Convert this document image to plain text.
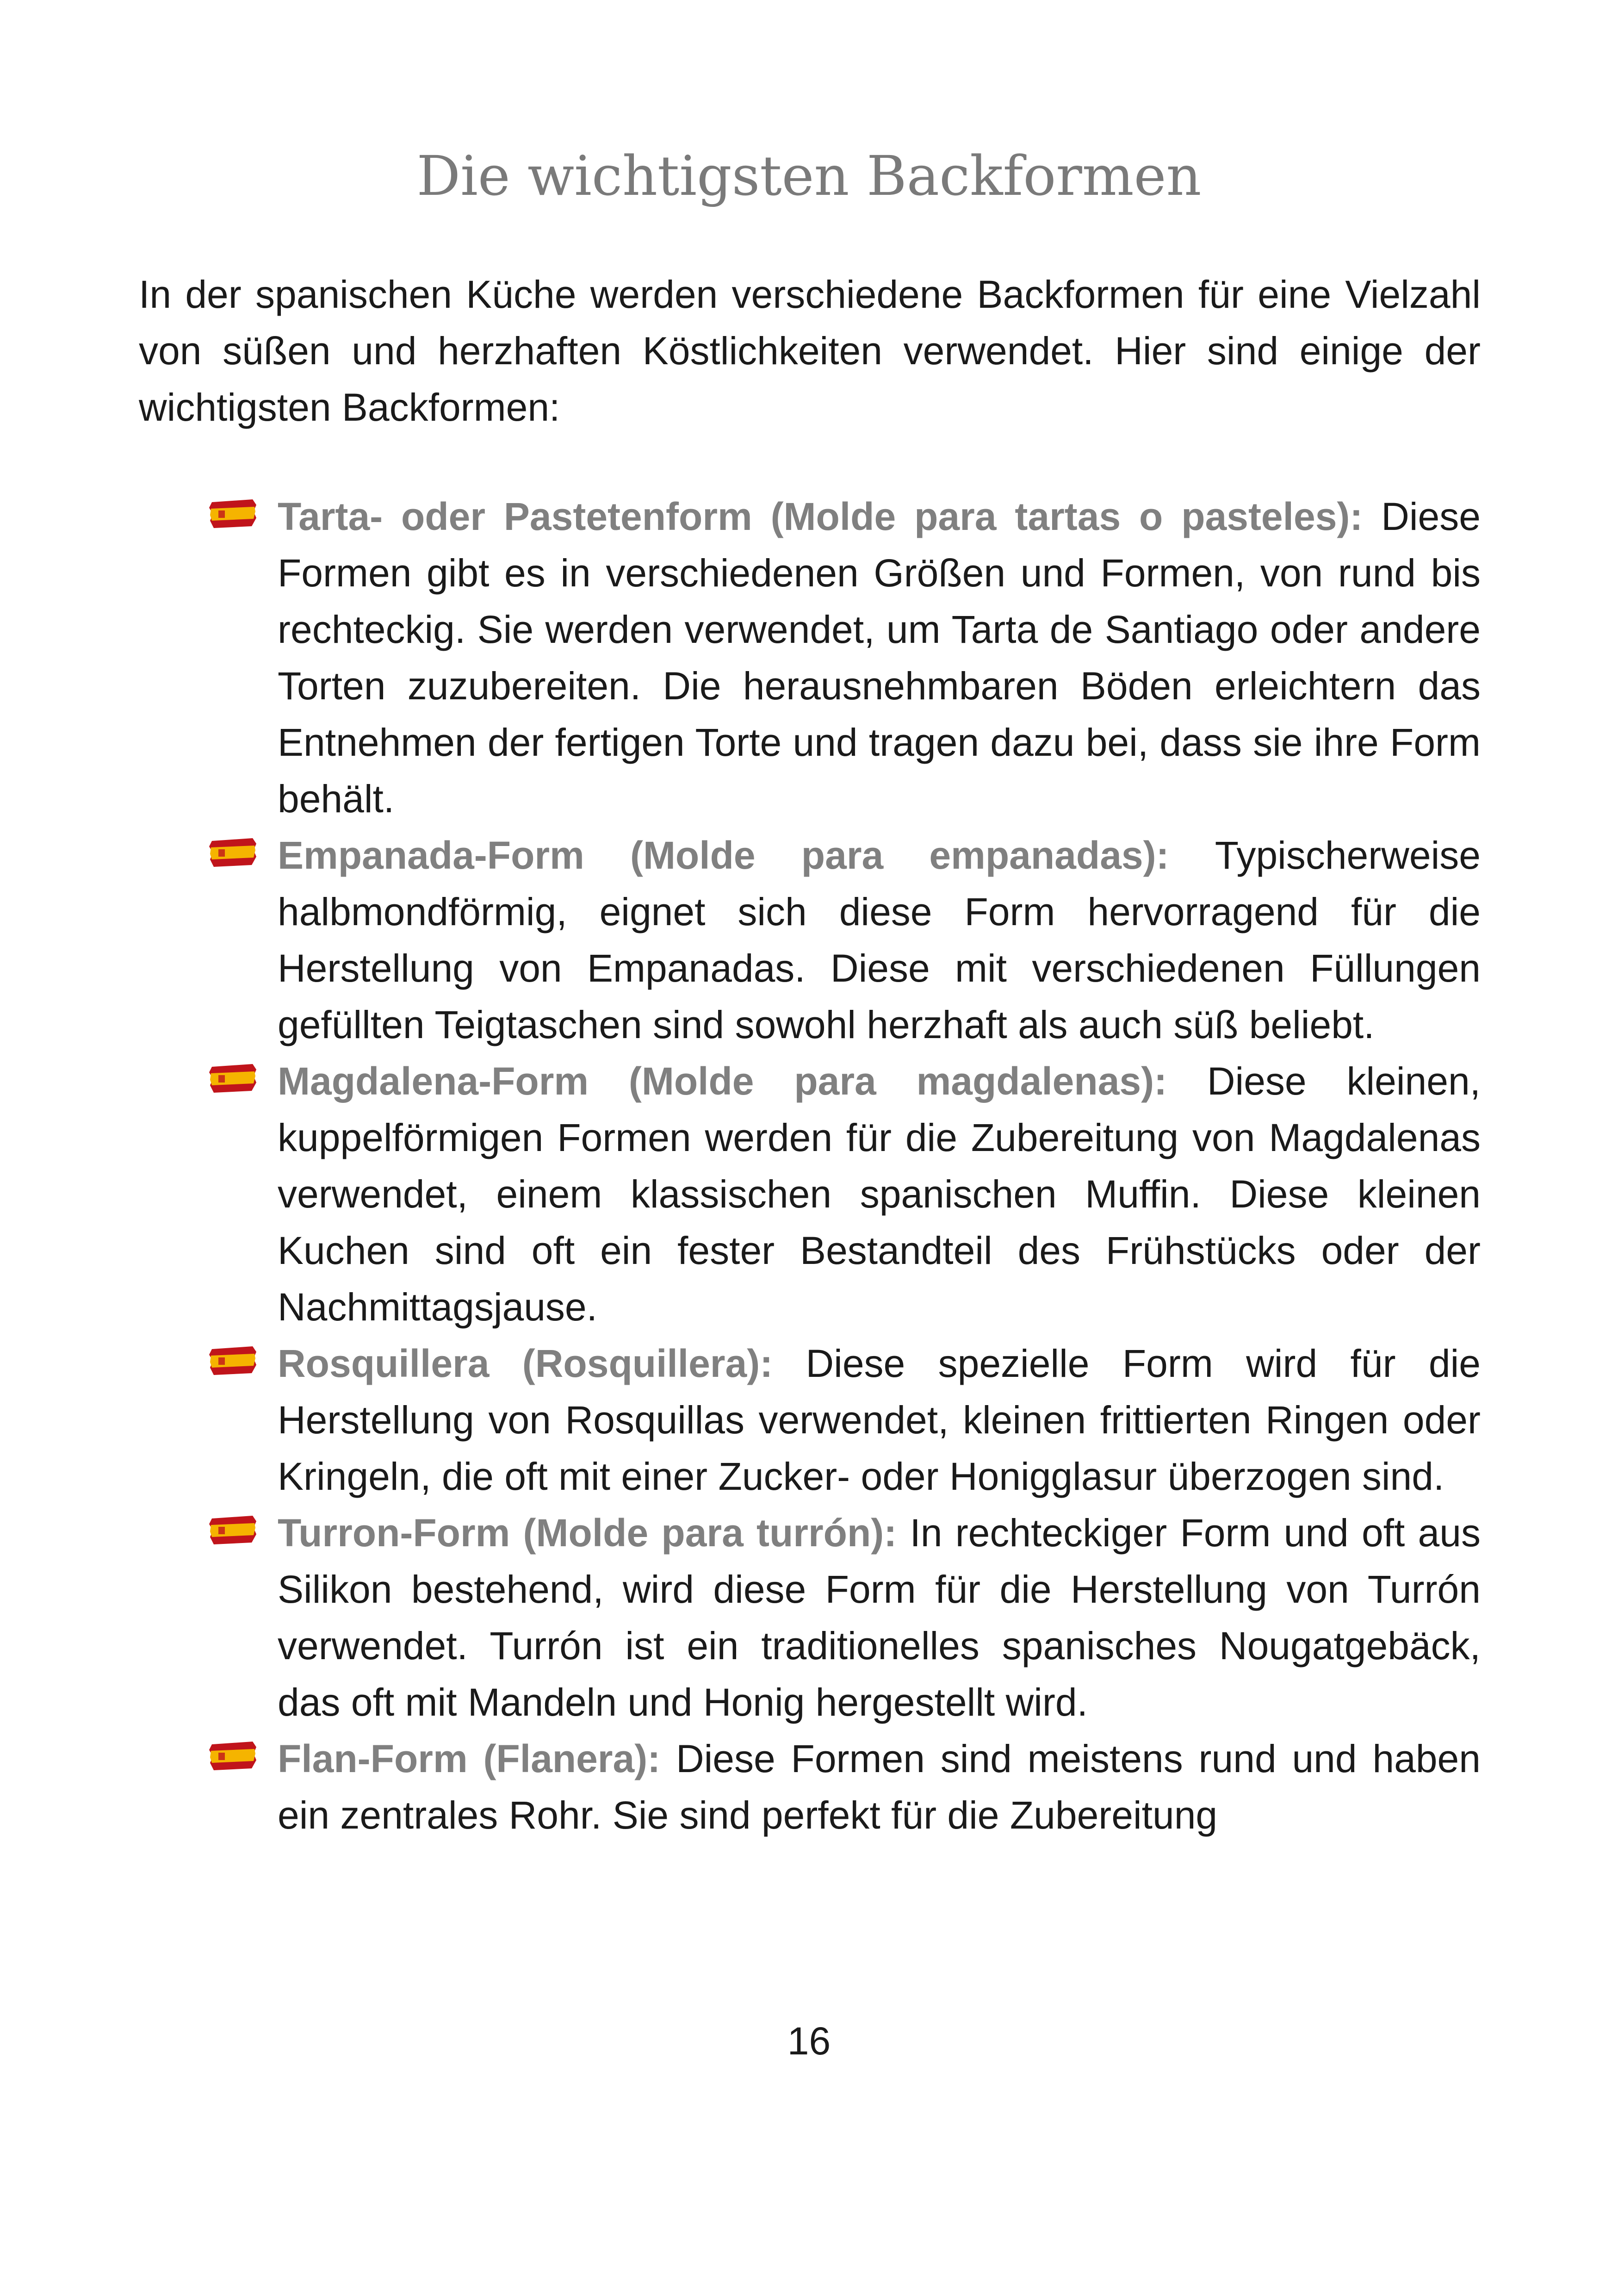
Die wichtigsten Backformen

In der spanischen Küche werden verschiedene Backformen für eine Vielzahl von süßen und herzhaften Köstlichkeiten verwendet. Hier sind einige der wichtigsten Backformen:

Tarta- oder Pastetenform (Molde para tartas o pasteles): Diese Formen gibt es in verschiedenen Größen und Formen, von rund bis rechteckig. Sie werden verwendet, um Tarta de Santiago oder andere Torten zuzubereiten. Die herausnehmbaren Böden erleichtern das Entnehmen der fertigen Torte und tragen dazu bei, dass sie ihre Form behält.
Empanada-Form (Molde para empanadas): Typischerweise halbmondförmig, eignet sich diese Form hervorragend für die Herstellung von Empanadas. Diese mit verschiedenen Füllungen gefüllten Teigtaschen sind sowohl herzhaft als auch süß beliebt.
Magdalena-Form (Molde para magdalenas): Diese kleinen, kuppelförmigen Formen werden für die Zubereitung von Magdalenas verwendet, einem klassischen spanischen Muffin. Diese kleinen Kuchen sind oft ein fester Bestandteil des Frühstücks oder der Nachmittagsjause.
Rosquillera (Rosquillera): Diese spezielle Form wird für die Herstellung von Rosquillas verwendet, kleinen frittierten Ringen oder Kringeln, die oft mit einer Zucker- oder Honigglasur überzogen sind.
Turron-Form (Molde para turrón): In rechteckiger Form und oft aus Silikon bestehend, wird diese Form für die Herstellung von Turrón verwendet. Turrón ist ein traditionelles spanisches Nougatgebäck, das oft mit Mandeln und Honig hergestellt wird.
Flan-Form (Flanera): Diese Formen sind meistens rund und haben ein zentrales Rohr. Sie sind perfekt für die Zubereitung
16
